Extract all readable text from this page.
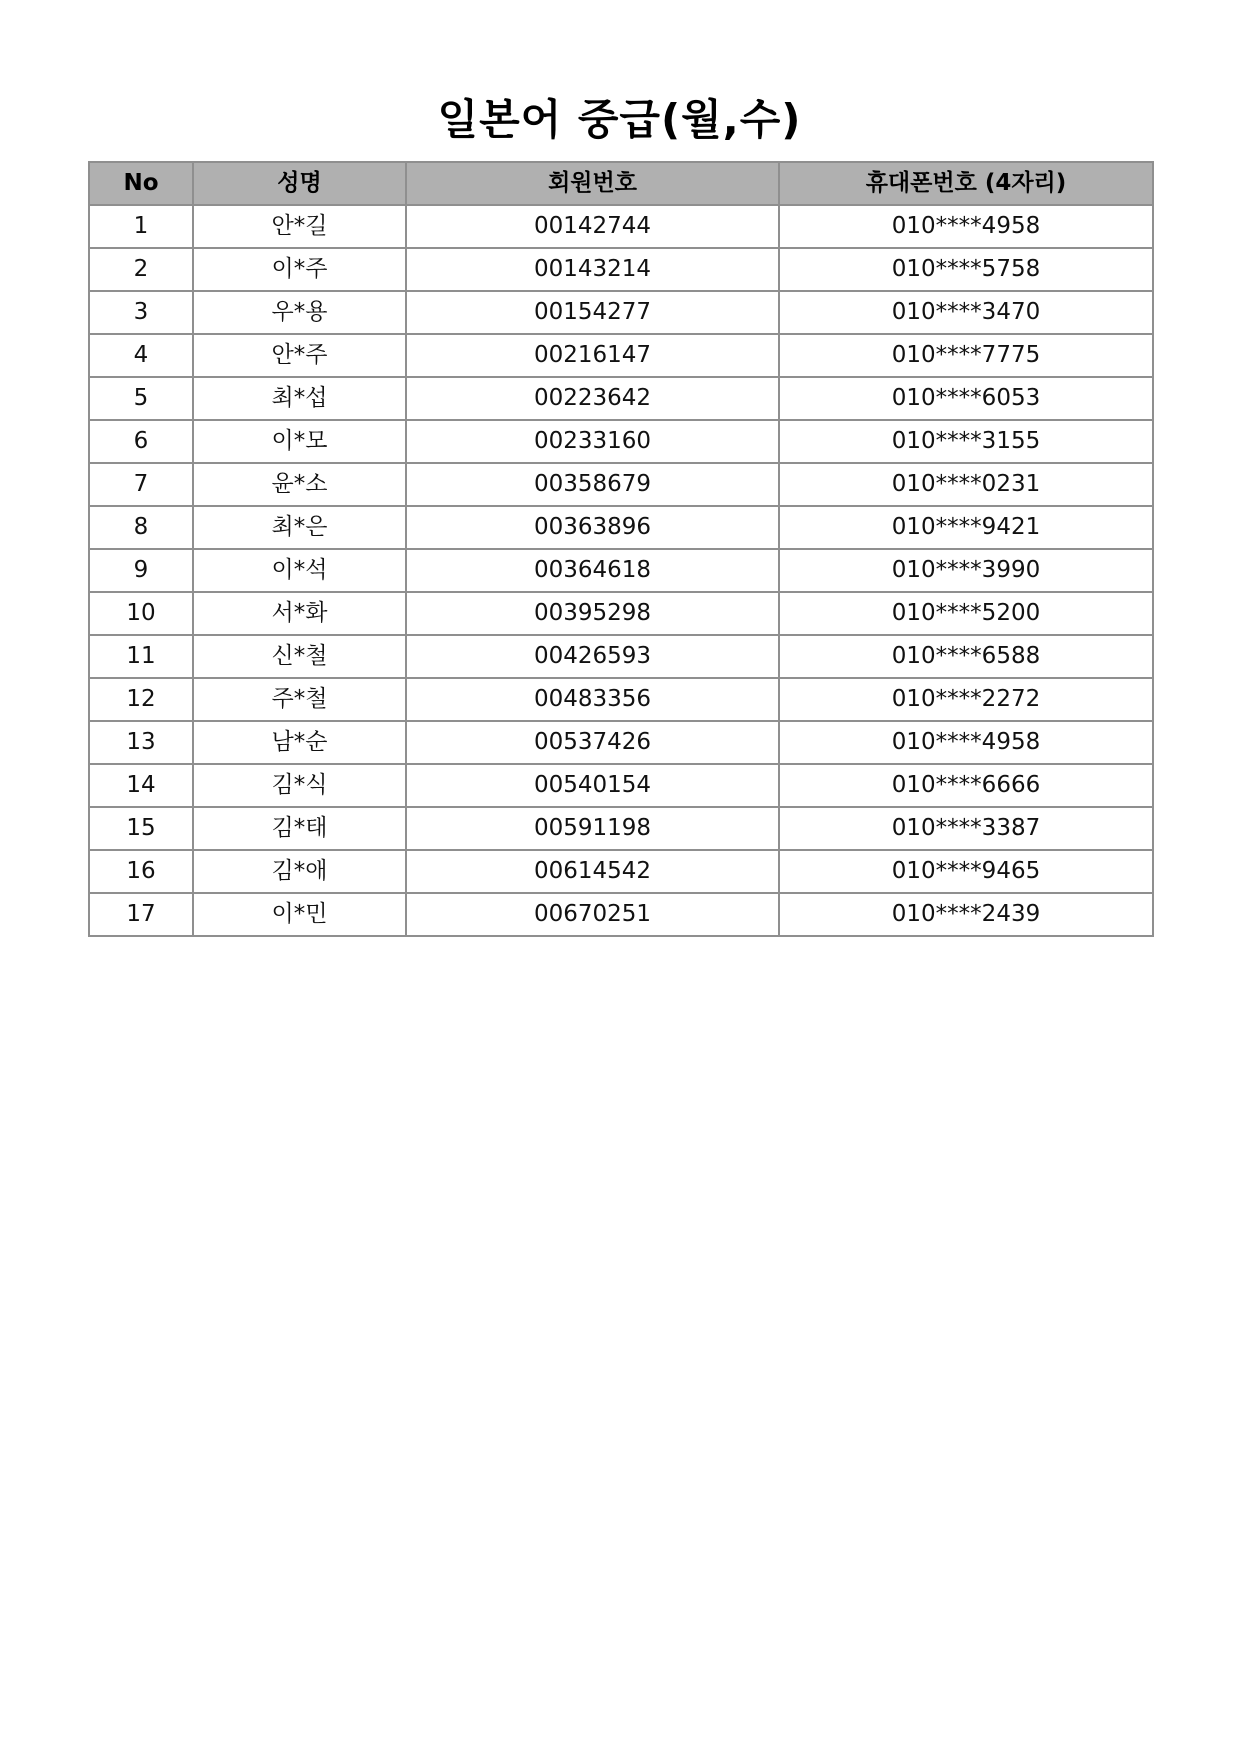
일본어 중급(월,수)
No	성명	회원번호	휴대폰번호 (4자리)
1	안*길	00142744	010****4958
2	이*주	00143214	010****5758
3	우*용	00154277	010****3470
4	안*주	00216147	010****7775
5	최*섭	00223642	010****6053
6	이*모	00233160	010****3155
7	윤*소	00358679	010****0231
8	최*은	00363896	010****9421
9	이*석	00364618	010****3990
10	서*화	00395298	010****5200
11	신*철	00426593	010****6588
12	주*철	00483356	010****2272
13	남*순	00537426	010****4958
14	김*식	00540154	010****6666
15	김*태	00591198	010****3387
16	김*애	00614542	010****9465
17	이*민	00670251	010****2439
